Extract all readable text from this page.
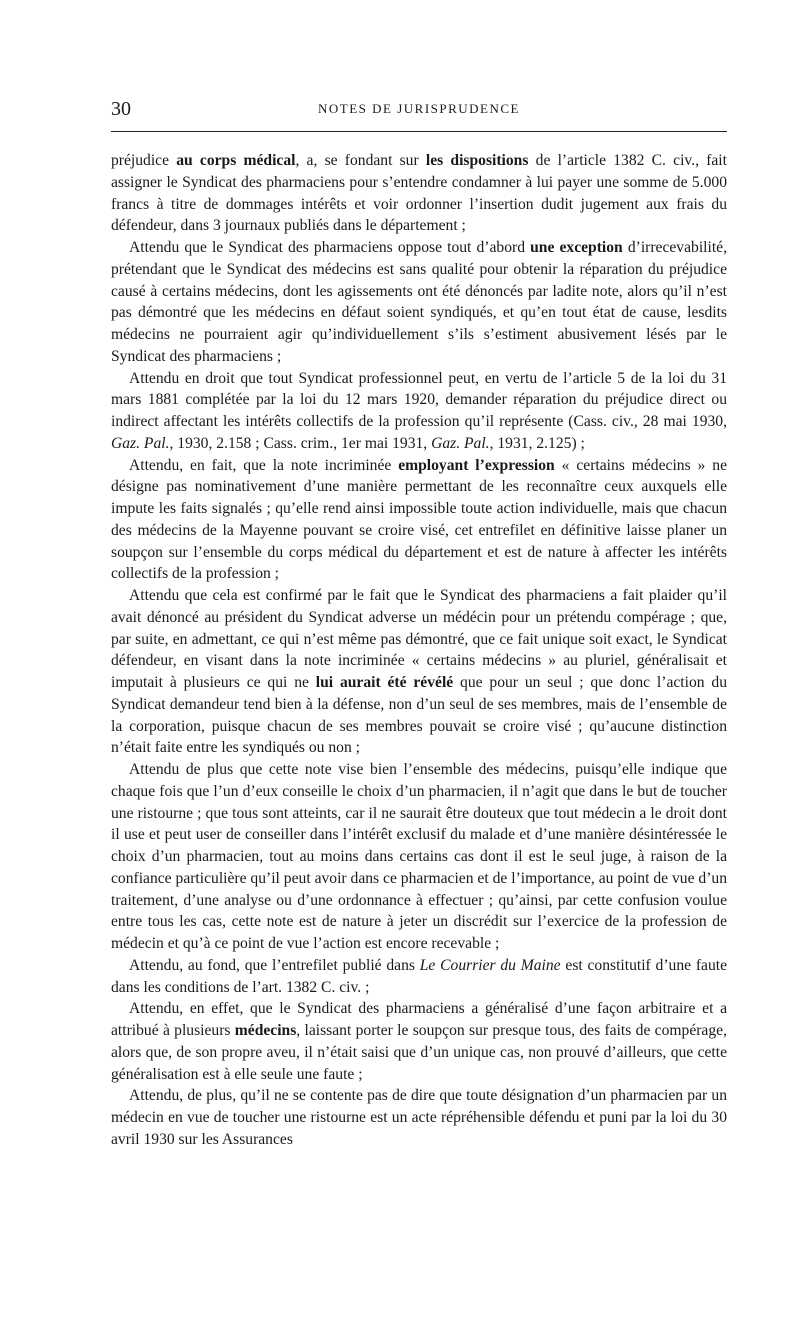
30	NOTES DE JURISPRUDENCE

préjudice au corps médical, a, se fondant sur les dispositions de l’article 1382 C. civ., fait assigner le Syndicat des pharmaciens pour s’entendre condamner à lui payer une somme de 5.000 francs à titre de dommages intérêts et voir ordonner l’insertion dudit jugement aux frais du défendeur, dans 3 journaux publiés dans le département ;

Attendu que le Syndicat des pharmaciens oppose tout d’abord une exception d’irrecevabilité, prétendant que le Syndicat des médecins est sans qualité pour obtenir la réparation du préjudice causé à certains médecins, dont les agissements ont été dénoncés par ladite note, alors qu’il n’est pas démontré que les médecins en défaut soient syndiqués, et qu’en tout état de cause, lesdits médecins ne pourraient agir qu’individuellement s’ils s’estiment abusivement lésés par le Syndicat des pharmaciens ;

Attendu en droit que tout Syndicat professionnel peut, en vertu de l’article 5 de la loi du 31 mars 1881 complétée par la loi du 12 mars 1920, demander réparation du préjudice direct ou indirect affectant les intérêts collectifs de la profession qu’il représente (Cass. civ., 28 mai 1930, Gaz. Pal., 1930, 2.158 ; Cass. crim., 1er mai 1931, Gaz. Pal., 1931, 2.125) ;

Attendu, en fait, que la note incriminée employant l’expression « certains médecins » ne désigne pas nominativement d’une manière permettant de les reconnaître ceux auxquels elle impute les faits signalés ; qu’elle rend ainsi impossible toute action individuelle, mais que chacun des médecins de la Mayenne pouvant se croire visé, cet entrefilet en définitive laisse planer un soupçon sur l’ensemble du corps médical du département et est de nature à affecter les intérêts collectifs de la profession ;

Attendu que cela est confirmé par le fait que le Syndicat des pharmaciens a fait plaider qu’il avait dénoncé au président du Syndicat adverse un médécin pour un prétendu compérage ; que, par suite, en admettant, ce qui n’est même pas démontré, que ce fait unique soit exact, le Syndicat défendeur, en visant dans la note incriminée « certains médecins » au pluriel, généralisait et imputait à plusieurs ce qui ne lui aurait été révélé que pour un seul ; que donc l’action du Syndicat demandeur tend bien à la défense, non d’un seul de ses membres, mais de l’ensemble de la corporation, puisque chacun de ses membres pouvait se croire visé ; qu’aucune distinction n’était faite entre les syndiqués ou non ;

Attendu de plus que cette note vise bien l’ensemble des médecins, puisqu’elle indique que chaque fois que l’un d’eux conseille le choix d’un pharmacien, il n’agit que dans le but de toucher une ristourne ; que tous sont atteints, car il ne saurait être douteux que tout médecin a le droit dont il use et peut user de conseiller dans l’intérêt exclusif du malade et d’une manière désintéressée le choix d’un pharmacien, tout au moins dans certains cas dont il est le seul juge, à raison de la confiance particulière qu’il peut avoir dans ce pharmacien et de l’importance, au point de vue d’un traitement, d’une analyse ou d’une ordonnance à effectuer ; qu’ainsi, par cette confusion voulue entre tous les cas, cette note est de nature à jeter un discrédit sur l’exercice de la profession de médecin et qu’à ce point de vue l’action est encore recevable ;

Attendu, au fond, que l’entrefilet publié dans Le Courrier du Maine est constitutif d’une faute dans les conditions de l’art. 1382 C. civ. ;

Attendu, en effet, que le Syndicat des pharmaciens a généralisé d’une façon arbitraire et a attribué à plusieurs médecins, laissant porter le soupçon sur presque tous, des faits de compérage, alors que, de son propre aveu, il n’était saisi que d’un unique cas, non prouvé d’ailleurs, que cette généralisation est à elle seule une faute ;

Attendu, de plus, qu’il ne se contente pas de dire que toute désignation d’un pharmacien par un médecin en vue de toucher une ristourne est un acte répréhensible défendu et puni par la loi du 30 avril 1930 sur les Assurances
